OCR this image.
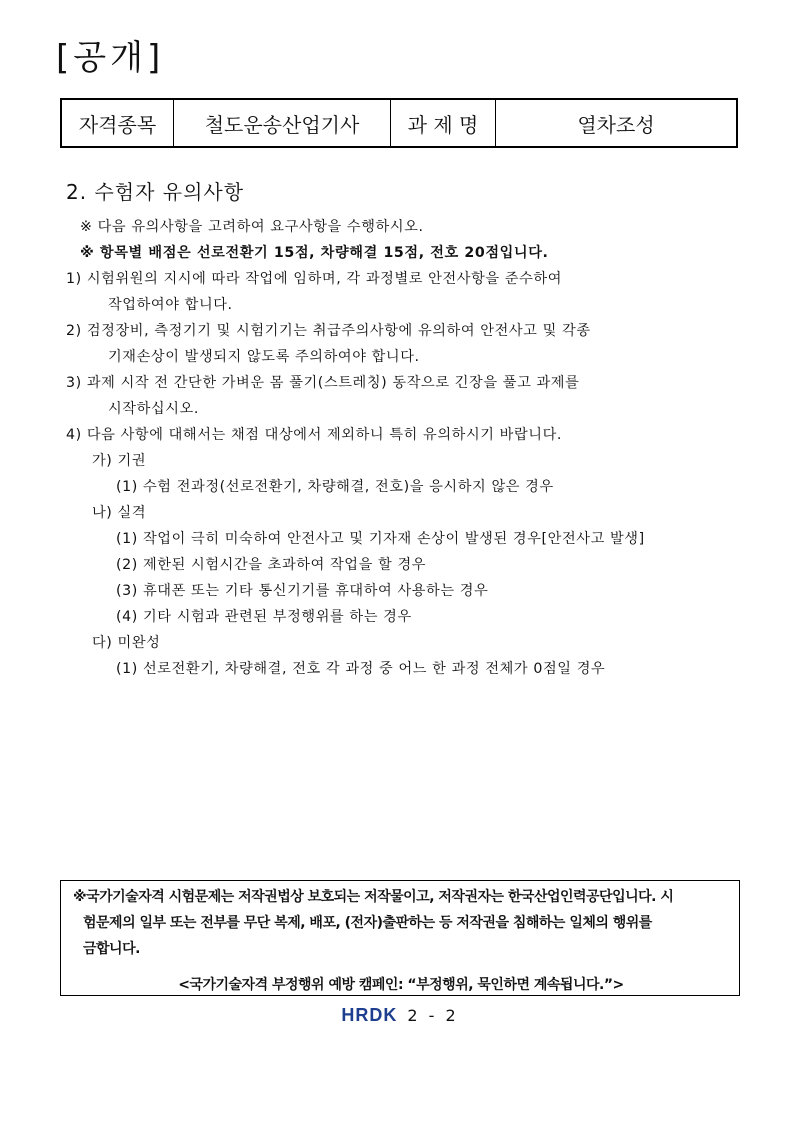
[공개]
자격종목	철도운송산업기사	과 제 명	열차조성
2. 수험자 유의사항
※ 다음 유의사항을 고려하여 요구사항을 수행하시오.
※ 항목별 배점은 선로전환기 15점, 차량해결 15점, 전호 20점입니다.
1) 시험위원의 지시에 따라 작업에 임하며, 각 과정별로 안전사항을 준수하여
작업하여야 합니다.
2) 검정장비, 측정기기 및 시험기기는 취급주의사항에 유의하여 안전사고 및 각종
기재손상이 발생되지 않도록 주의하여야 합니다.
3) 과제 시작 전 간단한 가벼운 몸 풀기(스트레칭) 동작으로 긴장을 풀고 과제를
시작하십시오.
4) 다음 사항에 대해서는 채점 대상에서 제외하니 특히 유의하시기 바랍니다.
가) 기권
(1) 수험 전과정(선로전환기, 차량해결, 전호)을 응시하지 않은 경우
나) 실격
(1) 작업이 극히 미숙하여 안전사고 및 기자재 손상이 발생된 경우[안전사고 발생]
(2) 제한된 시험시간을 초과하여 작업을 할 경우
(3) 휴대폰 또는 기타 통신기기를 휴대하여 사용하는 경우
(4) 기타 시험과 관련된 부정행위를 하는 경우
다) 미완성
(1) 선로전환기, 차량해결, 전호 각 과정 중 어느 한 과정 전체가 0점일 경우
※국가기술자격 시험문제는 저작권법상 보호되는 저작물이고, 저작권자는 한국산업인력공단입니다. 시
험문제의 일부 또는 전부를 무단 복제, 배포, (전자)출판하는 등 저작권을 침해하는 일체의 행위를
금합니다.
<국가기술자격 부정행위 예방 캠페인: “부정행위, 묵인하면 계속됩니다.”>
HRDK 2 - 2
